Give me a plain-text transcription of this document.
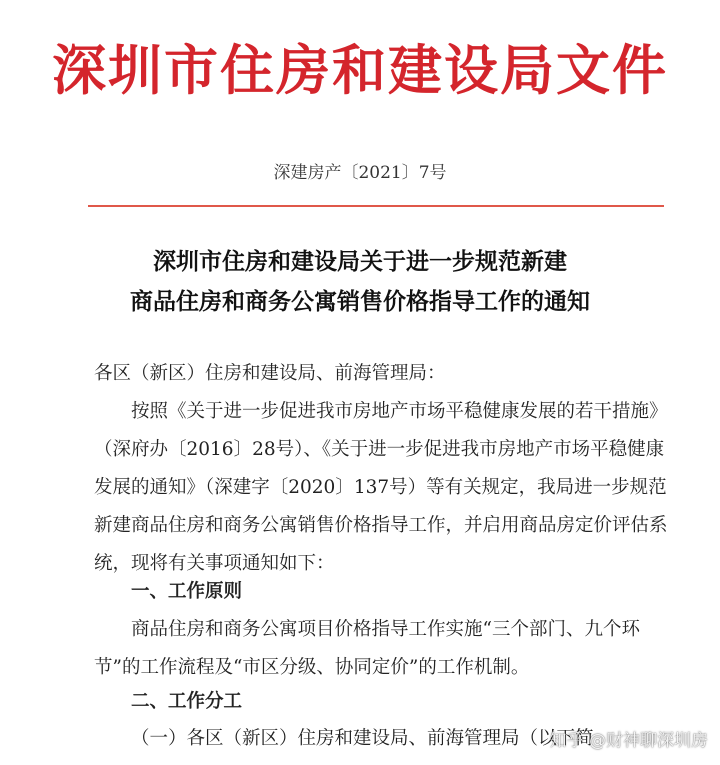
深圳市住房和建设局文件
深建房产〔2021〕7号
深圳市住房和建设局关于进一步规范新建
商品住房和商务公寓销售价格指导工作的通知
各区（新区）住房和建设局、前海管理局：
按照《关于进一步促进我市房地产市场平稳健康发展的若干措施》（深府办〔2016〕28号）、《关于进一步促进我市房地产市场平稳健康发展的通知》（深建字〔2020〕137号）等有关规定，我局进一步规范新建商品住房和商务公寓销售价格指导工作，并启用商品房定价评估系统，现将有关事项通知如下：
一、工作原则
商品住房和商务公寓项目价格指导工作实施“三个部门、九个环节”的工作流程及“市区分级、协同定价”的工作机制。
二、工作分工
（一）各区（新区）住房和建设局、前海管理局（以下简
知乎 @财神聊深圳房
